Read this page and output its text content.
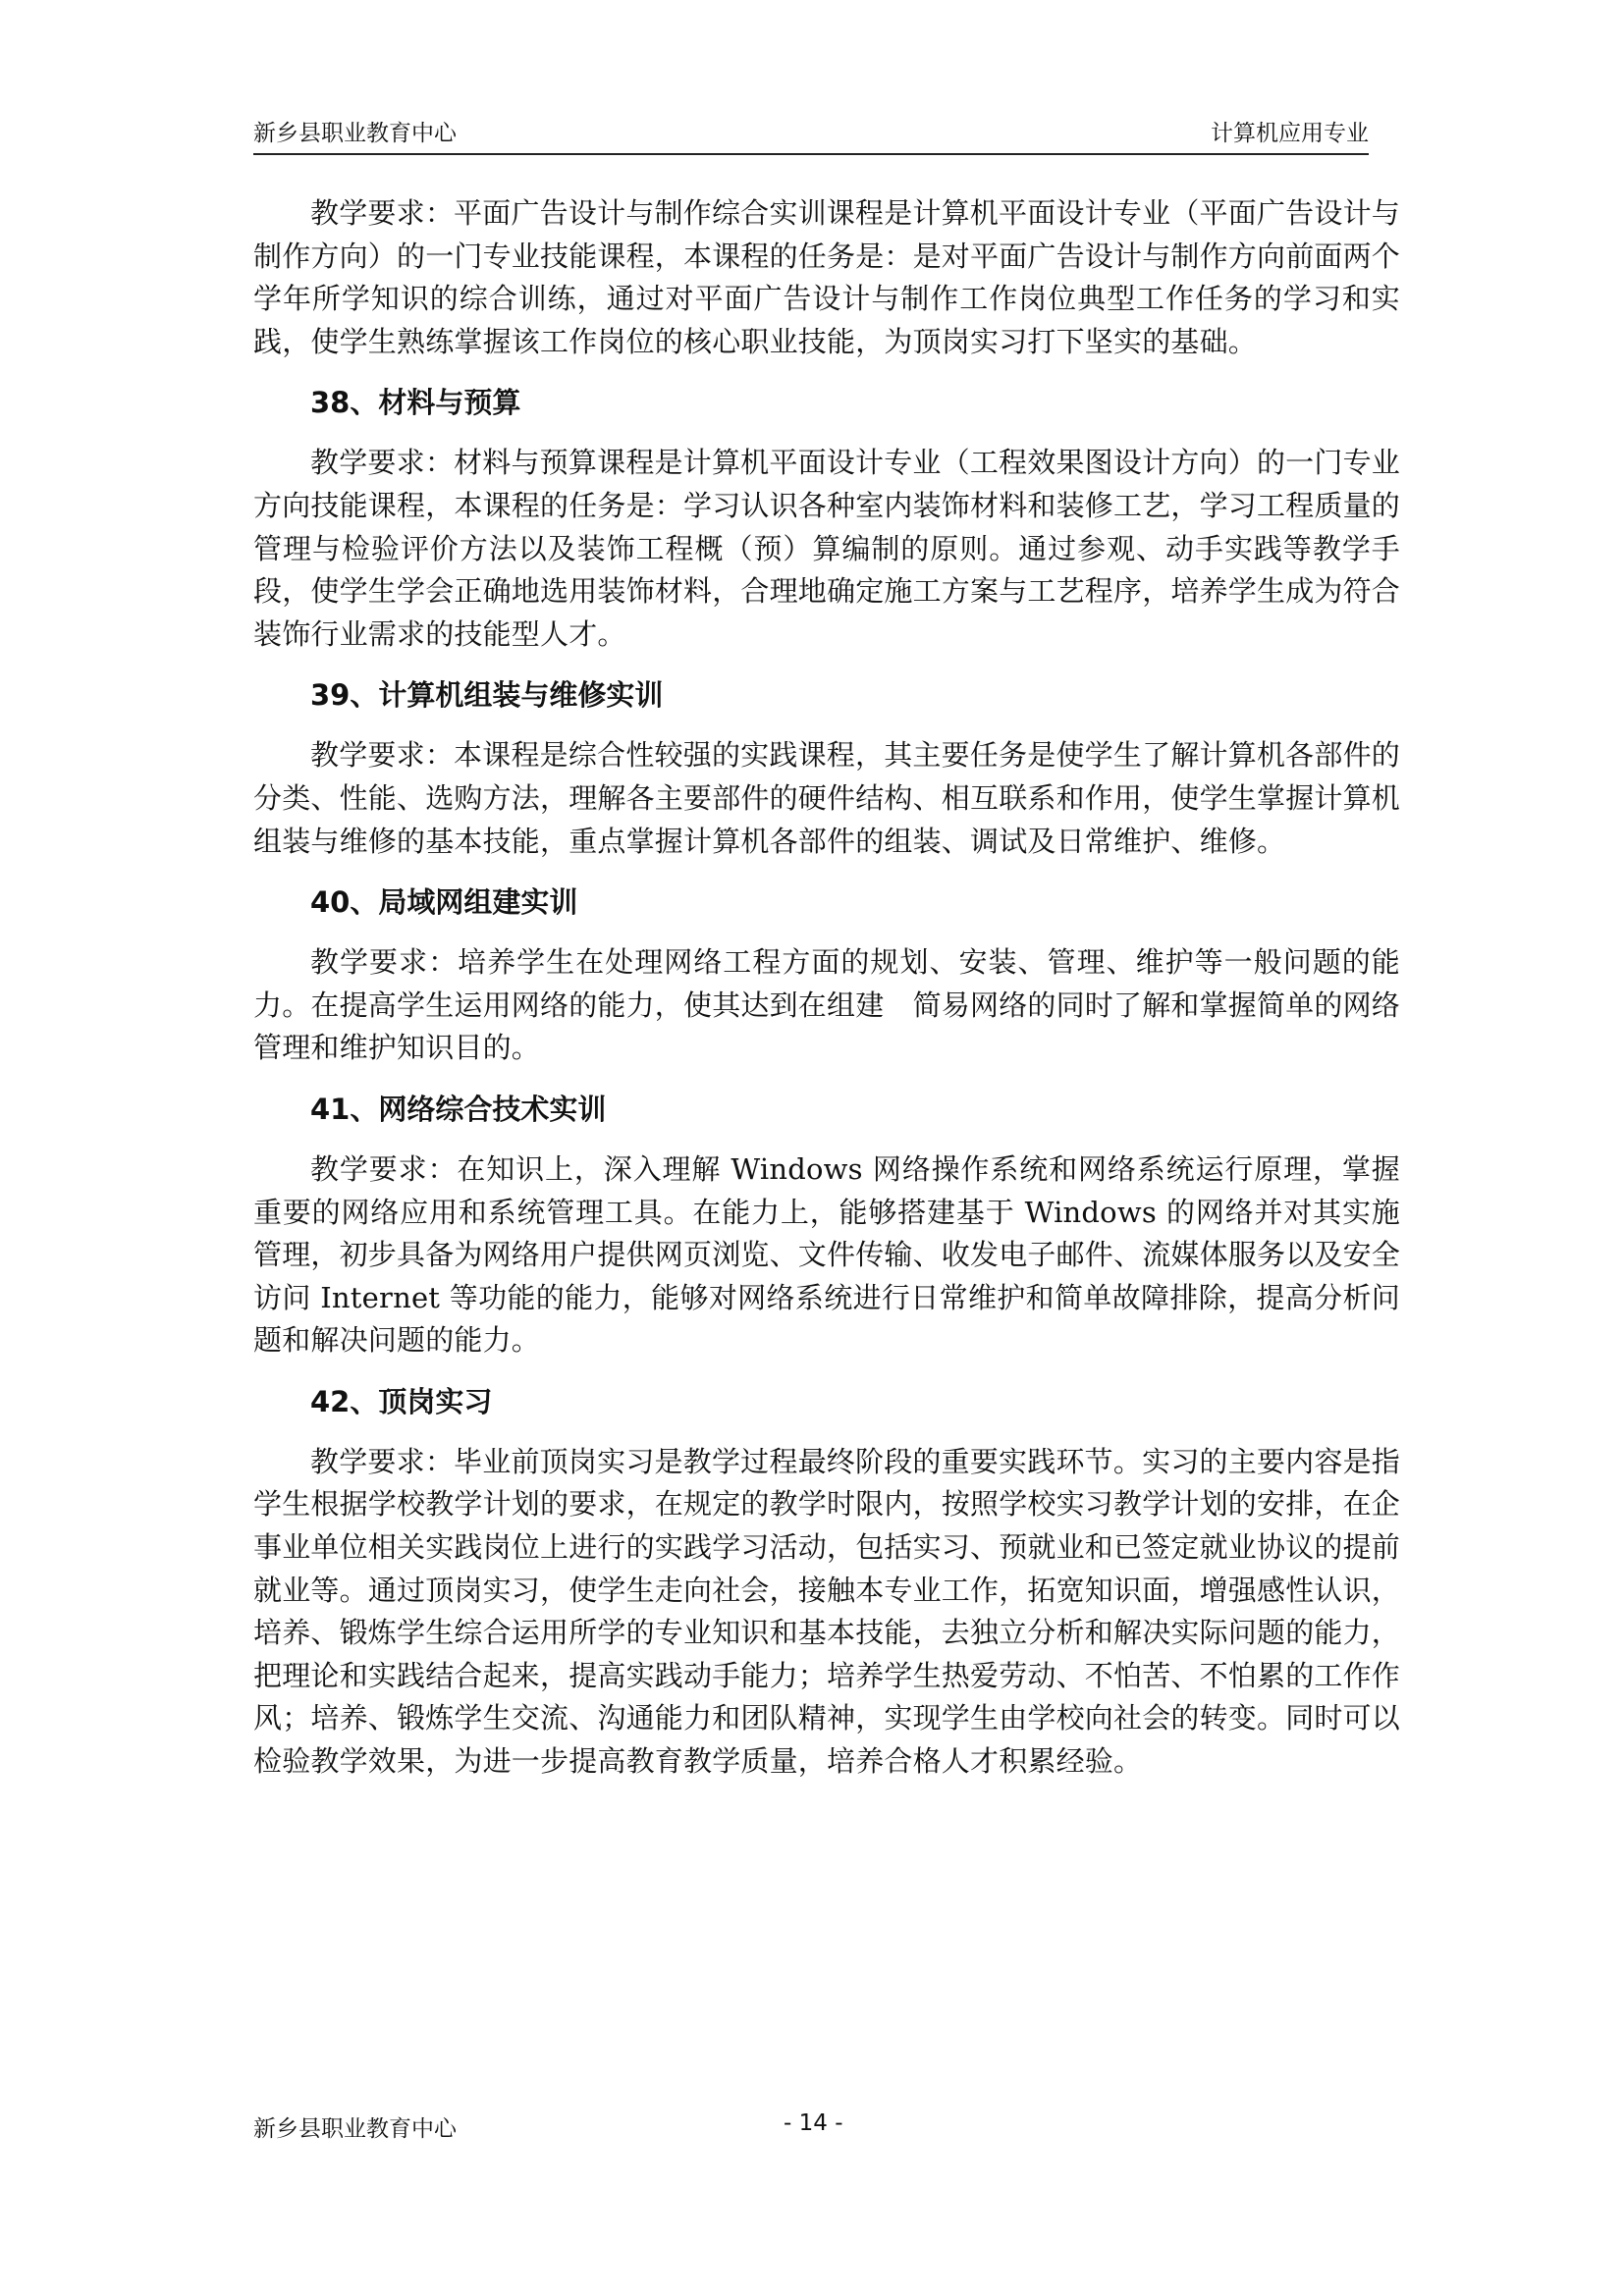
新乡县职业教育中心	计算机应用专业

教学要求：平面广告设计与制作综合实训课程是计算机平面设计专业（平面广告设计与制作方向）的一门专业技能课程，本课程的任务是：是对平面广告设计与制作方向前面两个学年所学知识的综合训练，通过对平面广告设计与制作工作岗位典型工作任务的学习和实践，使学生熟练掌握该工作岗位的核心职业技能，为顶岗实习打下坚实的基础。

38、材料与预算

教学要求：材料与预算课程是计算机平面设计专业（工程效果图设计方向）的一门专业方向技能课程，本课程的任务是：学习认识各种室内装饰材料和装修工艺，学习工程质量的管理与检验评价方法以及装饰工程概（预）算编制的原则。通过参观、动手实践等教学手段，使学生学会正确地选用装饰材料，合理地确定施工方案与工艺程序，培养学生成为符合装饰行业需求的技能型人才。

39、计算机组装与维修实训

教学要求：本课程是综合性较强的实践课程，其主要任务是使学生了解计算机各部件的分类、性能、选购方法，理解各主要部件的硬件结构、相互联系和作用，使学生掌握计算机组装与维修的基本技能，重点掌握计算机各部件的组装、调试及日常维护、维修。

40、局域网组建实训

教学要求：培养学生在处理网络工程方面的规划、安装、管理、维护等一般问题的能力。在提高学生运用网络的能力，使其达到在组建　简易网络的同时了解和掌握简单的网络管理和维护知识目的。

41、网络综合技术实训

教学要求：在知识上，深入理解 Windows 网络操作系统和网络系统运行原理，掌握重要的网络应用和系统管理工具。在能力上，能够搭建基于 Windows 的网络并对其实施管理，初步具备为网络用户提供网页浏览、文件传输、收发电子邮件、流媒体服务以及安全访问 Internet 等功能的能力，能够对网络系统进行日常维护和简单故障排除，提高分析问题和解决问题的能力。

42、顶岗实习

教学要求：毕业前顶岗实习是教学过程最终阶段的重要实践环节。实习的主要内容是指学生根据学校教学计划的要求，在规定的教学时限内，按照学校实习教学计划的安排，在企事业单位相关实践岗位上进行的实践学习活动，包括实习、预就业和已签定就业协议的提前就业等。通过顶岗实习，使学生走向社会，接触本专业工作，拓宽知识面，增强感性认识，培养、锻炼学生综合运用所学的专业知识和基本技能，去独立分析和解决实际问题的能力，把理论和实践结合起来，提高实践动手能力；培养学生热爱劳动、不怕苦、不怕累的工作作风；培养、锻炼学生交流、沟通能力和团队精神，实现学生由学校向社会的转变。同时可以检验教学效果，为进一步提高教育教学质量，培养合格人才积累经验。

新乡县职业教育中心	- 14 -
